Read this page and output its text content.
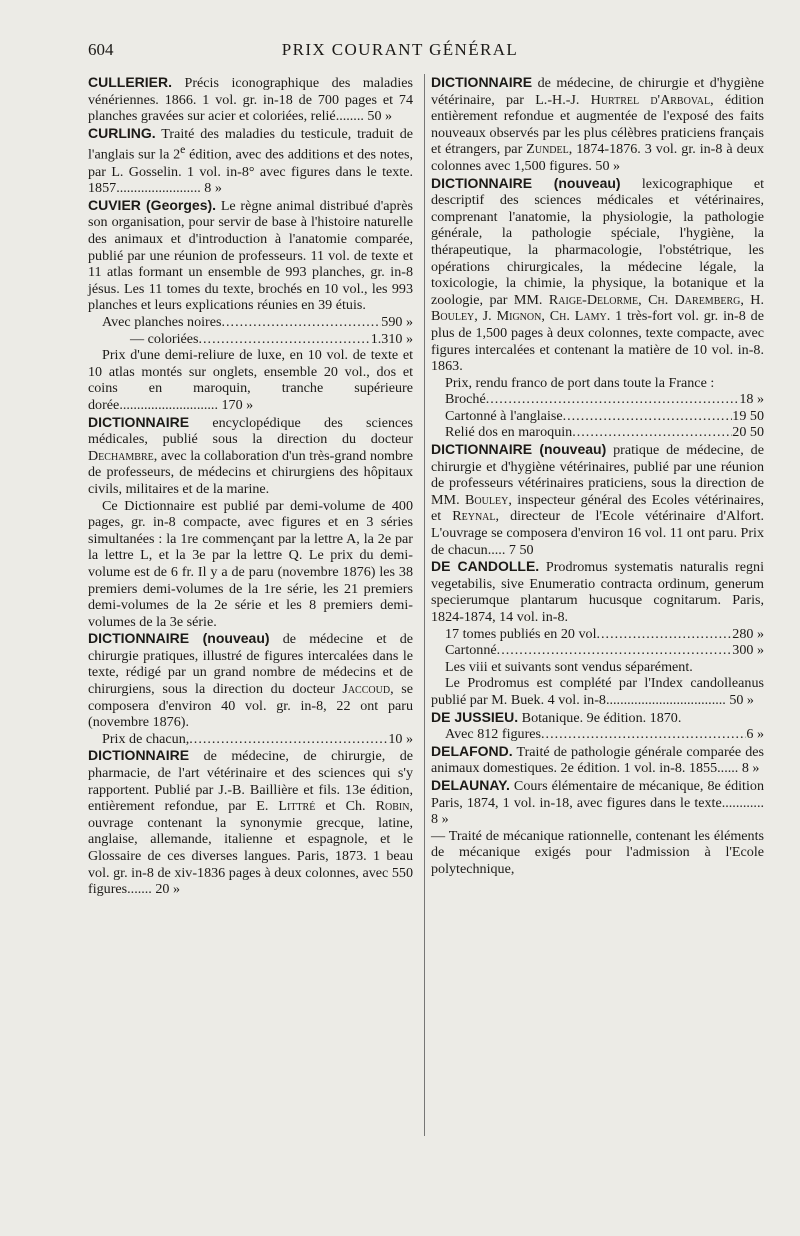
604	PRIX COURANT GÉNÉRAL

CULLERIER. Précis iconographique des maladies vénériennes. 1866. 1 vol. gr. in-18 de 700 pages et 74 planches gravées sur acier et coloriées, relié........ 50 »

CURLING. Traité des maladies du testicule, traduit de l'anglais sur la 2e édition, avec des additions et des notes, par L. Gosselin. 1 vol. in-8° avec figures dans le texte. 1857........................ 8 »

CUVIER (Georges). Le règne animal distribué d'après son organisation, pour servir de base à l'histoire naturelle des animaux et d'introduction à l'anatomie comparée, publié par une réunion de professeurs. 11 vol. de texte et 11 atlas formant un ensemble de 993 planches, gr. in-8 jésus. Les 11 tomes du texte, brochés en 10 vol., les 993 planches et leurs explications réunies en 39 étuis.

Avec planches noires .....	590 »
— coloriées .....	1.310 »

Prix d'une demi-reliure de luxe, en 10 vol. de texte et 10 atlas montés sur onglets, ensemble 20 vol., dos et coins en maroquin, tranche supérieure dorée............................ 170 »

DICTIONNAIRE encyclopédique des sciences médicales, publié sous la direction du docteur Dechambre, avec la collaboration d'un très-grand nombre de professeurs, de médecins et chirurgiens des hôpitaux civils, militaires et de la marine.

Ce Dictionnaire est publié par demi-volume de 400 pages, gr. in-8 compacte, avec figures et en 3 séries simultanées : la 1re commençant par la lettre A, la 2e par la lettre L, et la 3e par la lettre Q. Le prix du demi-volume est de 6 fr. Il y a de paru (novembre 1876) les 38 premiers demi-volumes de la 1re série, les 21 premiers demi-volumes de la 2e série et les 8 premiers demi-volumes de la 3e série.

DICTIONNAIRE (nouveau) de médecine et de chirurgie pratiques, illustré de figures intercalées dans le texte, rédigé par un grand nombre de médecins et de chirurgiens, sous la direction du docteur Jaccoud, se composera d'environ 40 vol. gr. in-8, 22 ont paru (novembre 1876).

Prix de chacun, .....	10 »

DICTIONNAIRE de médecine, de chirurgie, de pharmacie, de l'art vétérinaire et des sciences qui s'y rapportent. Publié par J.-B. Baillière et fils. 13e édition, entièrement refondue, par E. Littré et Ch. Robin, ouvrage contenant la synonymie grecque, latine, anglaise, allemande, italienne et espagnole, et le Glossaire de ces diverses langues. Paris, 1873. 1 beau vol. gr. in-8 de xiv-1836 pages à deux colonnes, avec 550 figures....... 20 »

DICTIONNAIRE de médecine, de chirurgie et d'hygiène vétérinaire, par L.-H.-J. Hurtrel d'Arboval, édition entièrement refondue et augmentée de l'exposé des faits nouveaux observés par les plus célèbres praticiens français et étrangers, par Zundel, 1874-1876. 3 vol. gr. in-8 à deux colonnes avec 1,500 figures. 50 »

DICTIONNAIRE (nouveau) lexicographique et descriptif des sciences médicales et vétérinaires, comprenant l'anatomie, la physiologie, la pathologie générale, la pathologie spéciale, l'hygiène, la thérapeutique, la pharmacologie, l'obstétrique, les opérations chirurgicales, la médecine légale, la toxicologie, la chimie, la physique, la botanique et la zoologie, par MM. Raige-Delorme, Ch. Daremberg, H. Bouley, J. Mignon, Ch. Lamy. 1 très-fort vol. gr. in-8 de plus de 1,500 pages à deux colonnes, texte compacte, avec figures intercalées et contenant la matière de 10 vol. in-8. 1863.

Prix, rendu franco de port dans toute la France :

Broché .....	18 »
Cartonné à l'anglaise .....	19 50
Relié dos en maroquin .....	20 50

DICTIONNAIRE (nouveau) pratique de médecine, de chirurgie et d'hygiène vétérinaires, publié par une réunion de professeurs vétérinaires praticiens, sous la direction de MM. Bouley, inspecteur général des Ecoles vétérinaires, et Reynal, directeur de l'Ecole vétérinaire d'Alfort. L'ouvrage se composera d'environ 16 vol. 11 ont paru. Prix de chacun..... 7 50

DE CANDOLLE. Prodromus systematis naturalis regni vegetabilis, sive Enumeratio contracta ordinum, generum specierumque plantarum hucusque cognitarum. Paris, 1824-1874, 14 vol. in-8.

17 tomes publiés en 20 vol .....	280 »
Cartonné .....	300 »

Les viii et suivants sont vendus séparément.

Le Prodromus est complété par l'Index candolleanus publié par M. Buek. 4 vol. in-8.................................. 50 »

DE JUSSIEU. Botanique. 9e édition. 1870.

Avec 812 figures .....	6 »

DELAFOND. Traité de pathologie générale comparée des animaux domestiques. 2e édition. 1 vol. in-8. 1855...... 8 »

DELAUNAY. Cours élémentaire de mécanique, 8e édition Paris, 1874, 1 vol. in-18, avec figures dans le texte............ 8 »

— Traité de mécanique rationnelle, contenant les éléments de mécanique exigés pour l'admission à l'Ecole polytechnique,
